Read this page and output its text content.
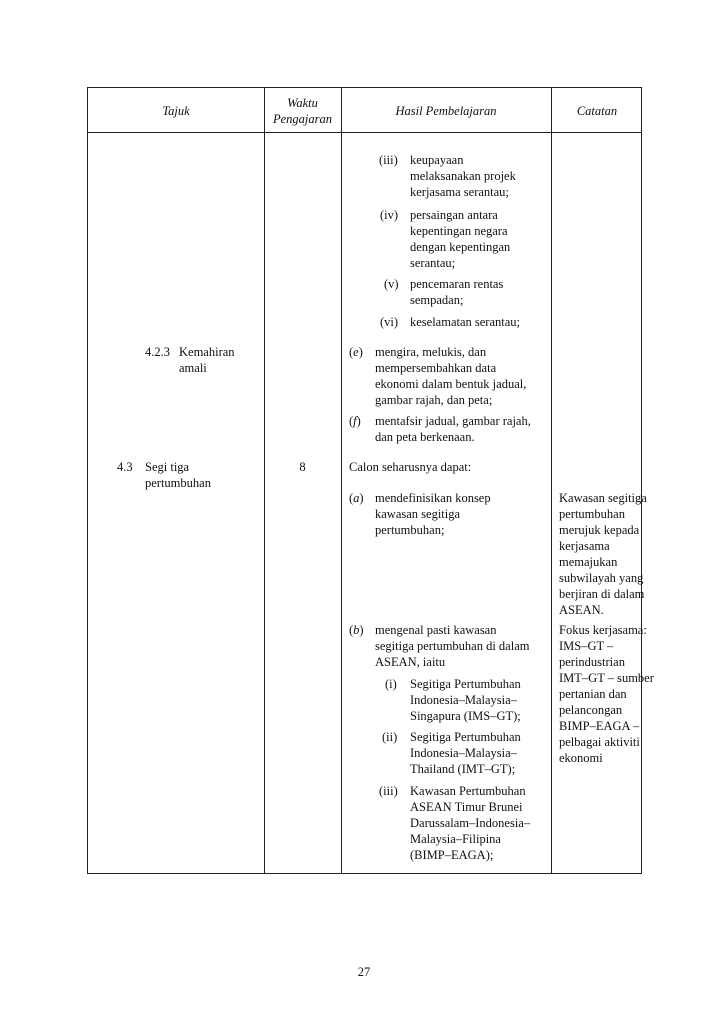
Tajuk
Waktu
Pengajaran
Hasil Pembelajaran	Catatan
(iii) keupayaan
melaksanakan projek
kerjasama serantau;
(iv) persaingan antara
kepentingan negara
dengan kepentingan
serantau;
(v) pencemaran rentas
sempadan;
(vi) keselamatan serantau;
4.2.3 Kemahiran
amali
(e) mengira, melukis, dan
mempersembahkan data
ekonomi dalam bentuk jadual,
gambar rajah, dan peta;
(f) mentafsir jadual, gambar rajah,
dan peta berkenaan.
4.3 Segi tiga
pertumbuhan
8	Calon seharusnya dapat:
(a) mendefinisikan konsep
kawasan segitiga
pertumbuhan;
Kawasan segitiga
pertumbuhan
merujuk kepada
kerjasama
memajukan
subwilayah yang
berjiran di dalam
ASEAN.
(b) mengenal pasti kawasan
segitiga pertumbuhan di dalam
ASEAN, iaitu
(i) Segitiga Pertumbuhan
Indonesia–Malaysia–
Singapura (IMS–GT);
(ii) Segitiga Pertumbuhan
Indonesia–Malaysia–
Thailand (IMT–GT);
(iii) Kawasan Pertumbuhan
ASEAN Timur Brunei
Darussalam–Indonesia–
Malaysia–Filipina
(BIMP–EAGA);
Fokus kerjasama:
IMS–GT –
perindustrian
IMT–GT – sumber
pertanian dan
pelancongan
BIMP–EAGA –
pelbagai aktiviti
ekonomi
27
